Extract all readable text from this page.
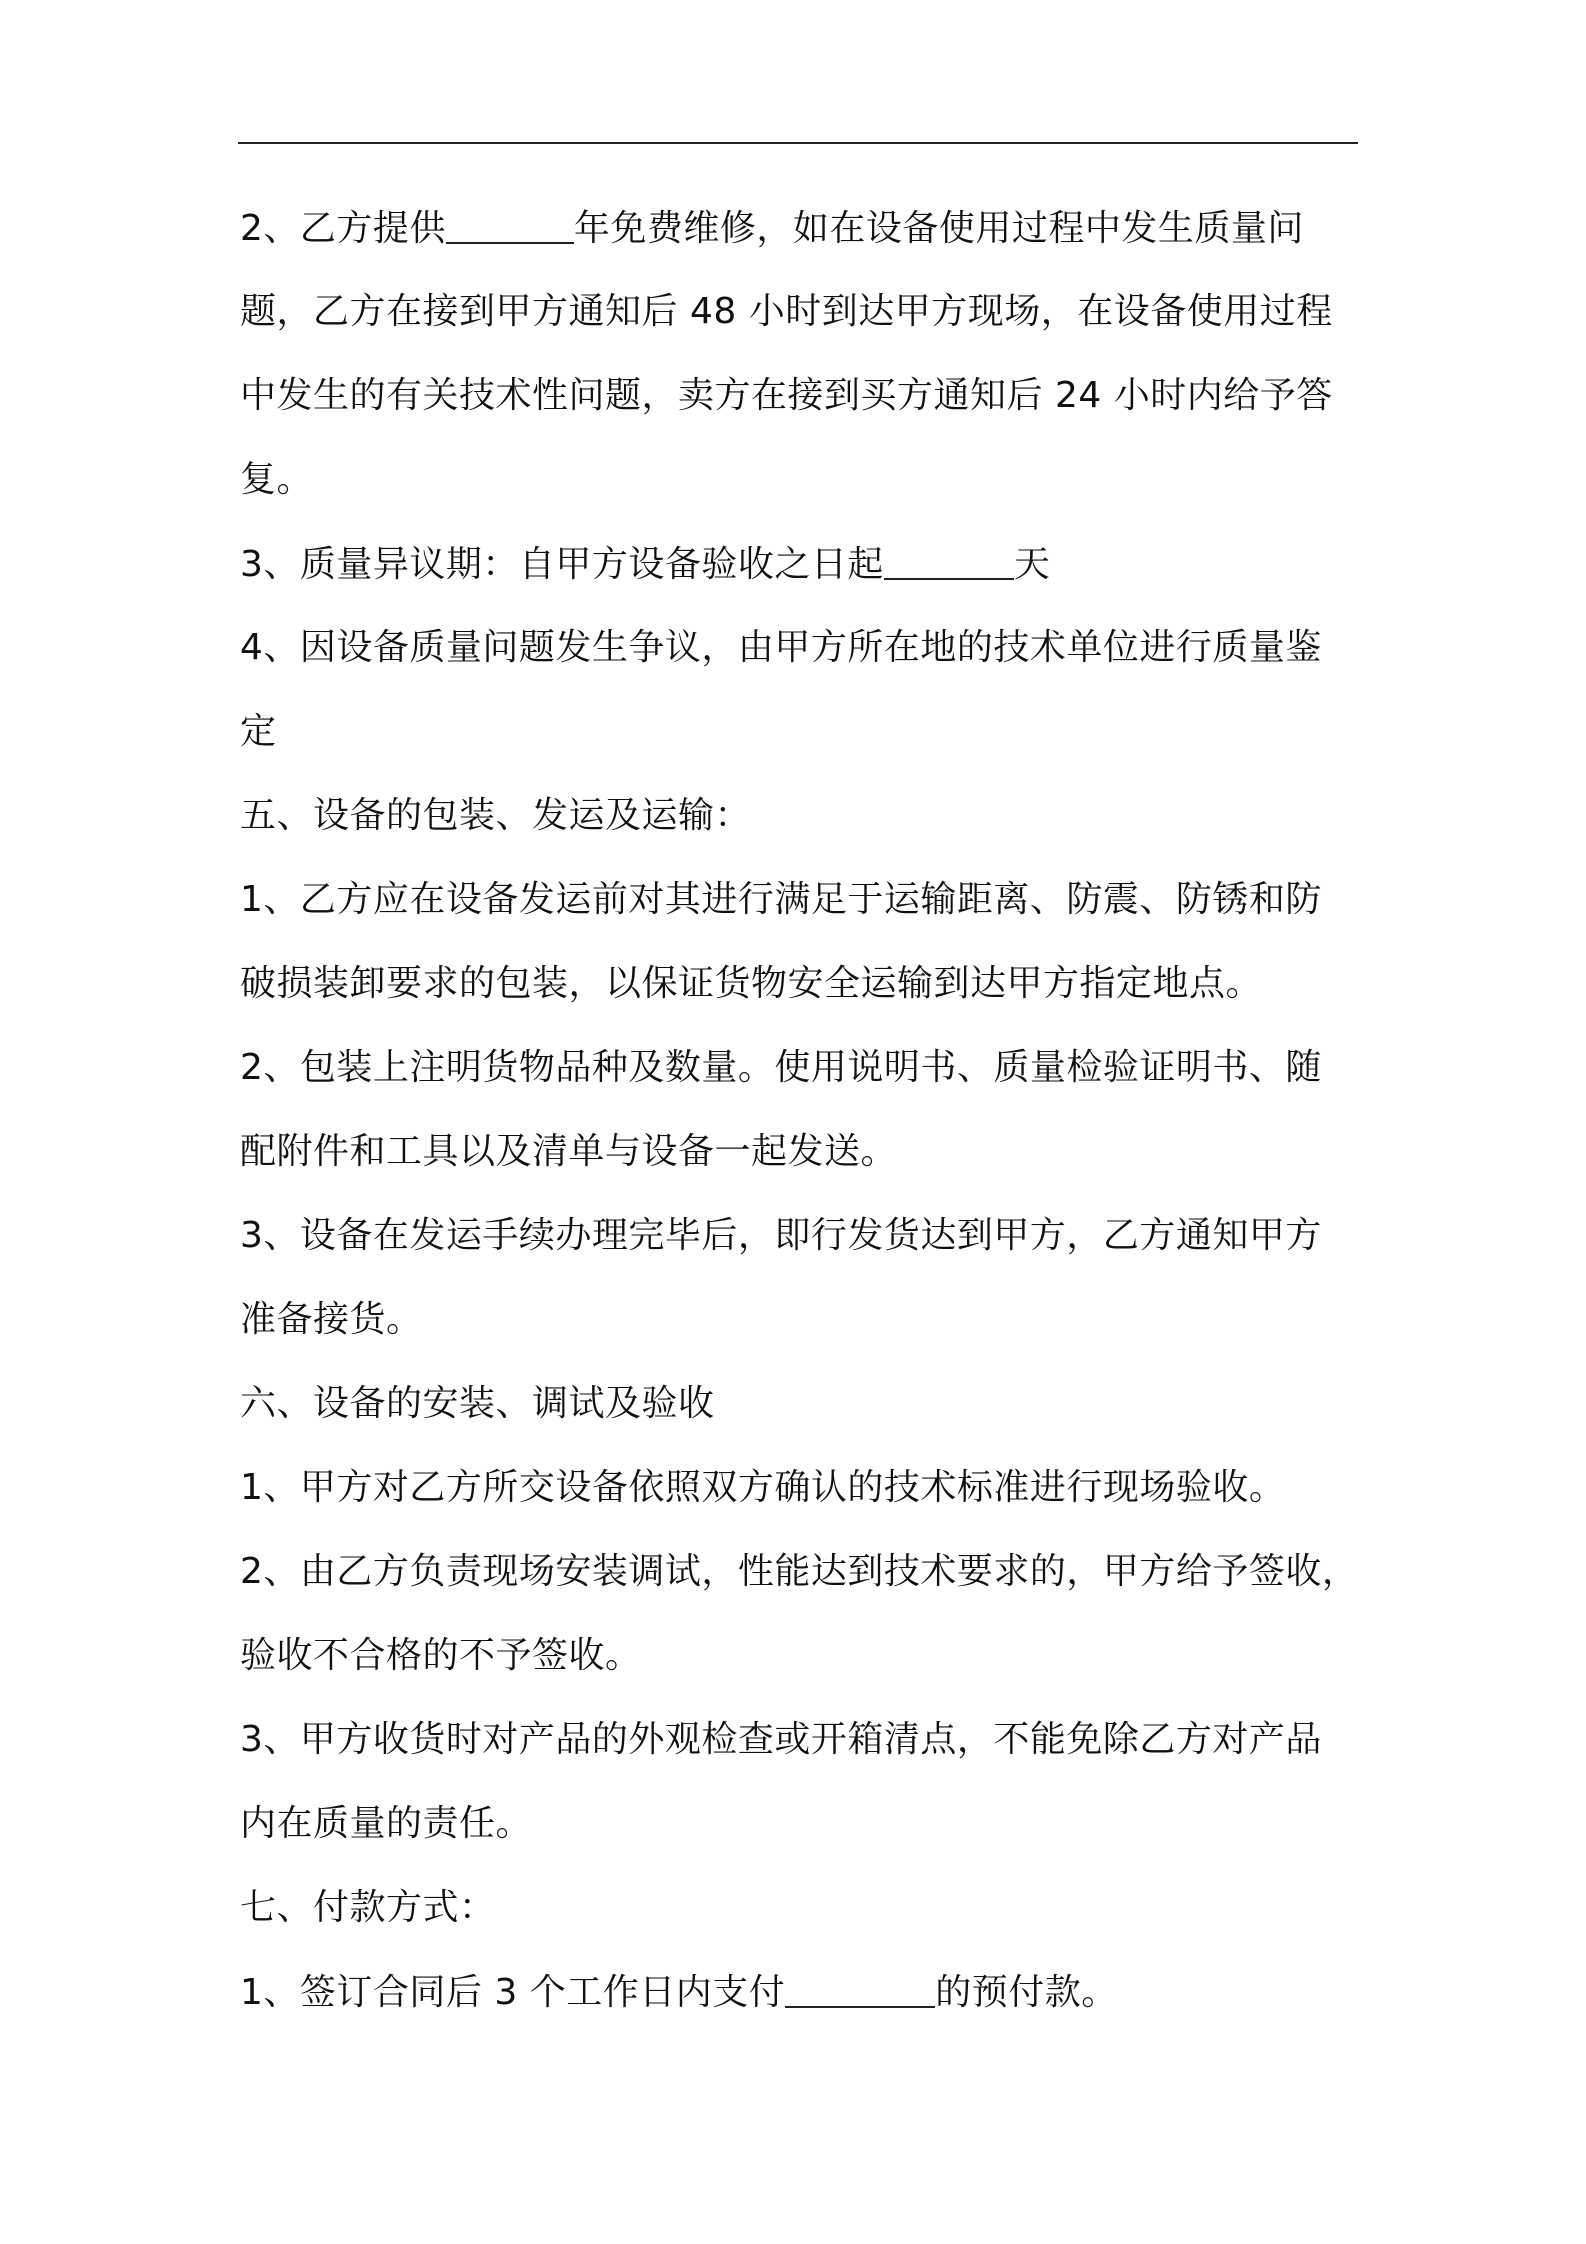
2、乙方提供	年免费维修，如在设备使用过程中发生质量问
题，乙方在接到甲方通知后 48 小时到达甲方现场，在设备使用过程
中发生的有关技术性问题，卖方在接到买方通知后 24 小时内给予答
复。
3、质量异议期：自甲方设备验收之日起	天
4、因设备质量问题发生争议，由甲方所在地的技术单位进行质量鉴
定
五、设备的包装、发运及运输：
1、乙方应在设备发运前对其进行满足于运输距离、防震、防锈和防
破损装卸要求的包装，以保证货物安全运输到达甲方指定地点。
2、包装上注明货物品种及数量。使用说明书、质量检验证明书、随
配附件和工具以及清单与设备一起发送。
3、设备在发运手续办理完毕后，即行发货达到甲方，乙方通知甲方
准备接货。
六、设备的安装、调试及验收
1、甲方对乙方所交设备依照双方确认的技术标准进行现场验收。
2、由乙方负责现场安装调试，性能达到技术要求的，甲方给予签收，
验收不合格的不予签收。
3、甲方收货时对产品的外观检查或开箱清点，不能免除乙方对产品
内在质量的责任。
七、付款方式：
1、签订合同后 3 个工作日内支付	的预付款。
